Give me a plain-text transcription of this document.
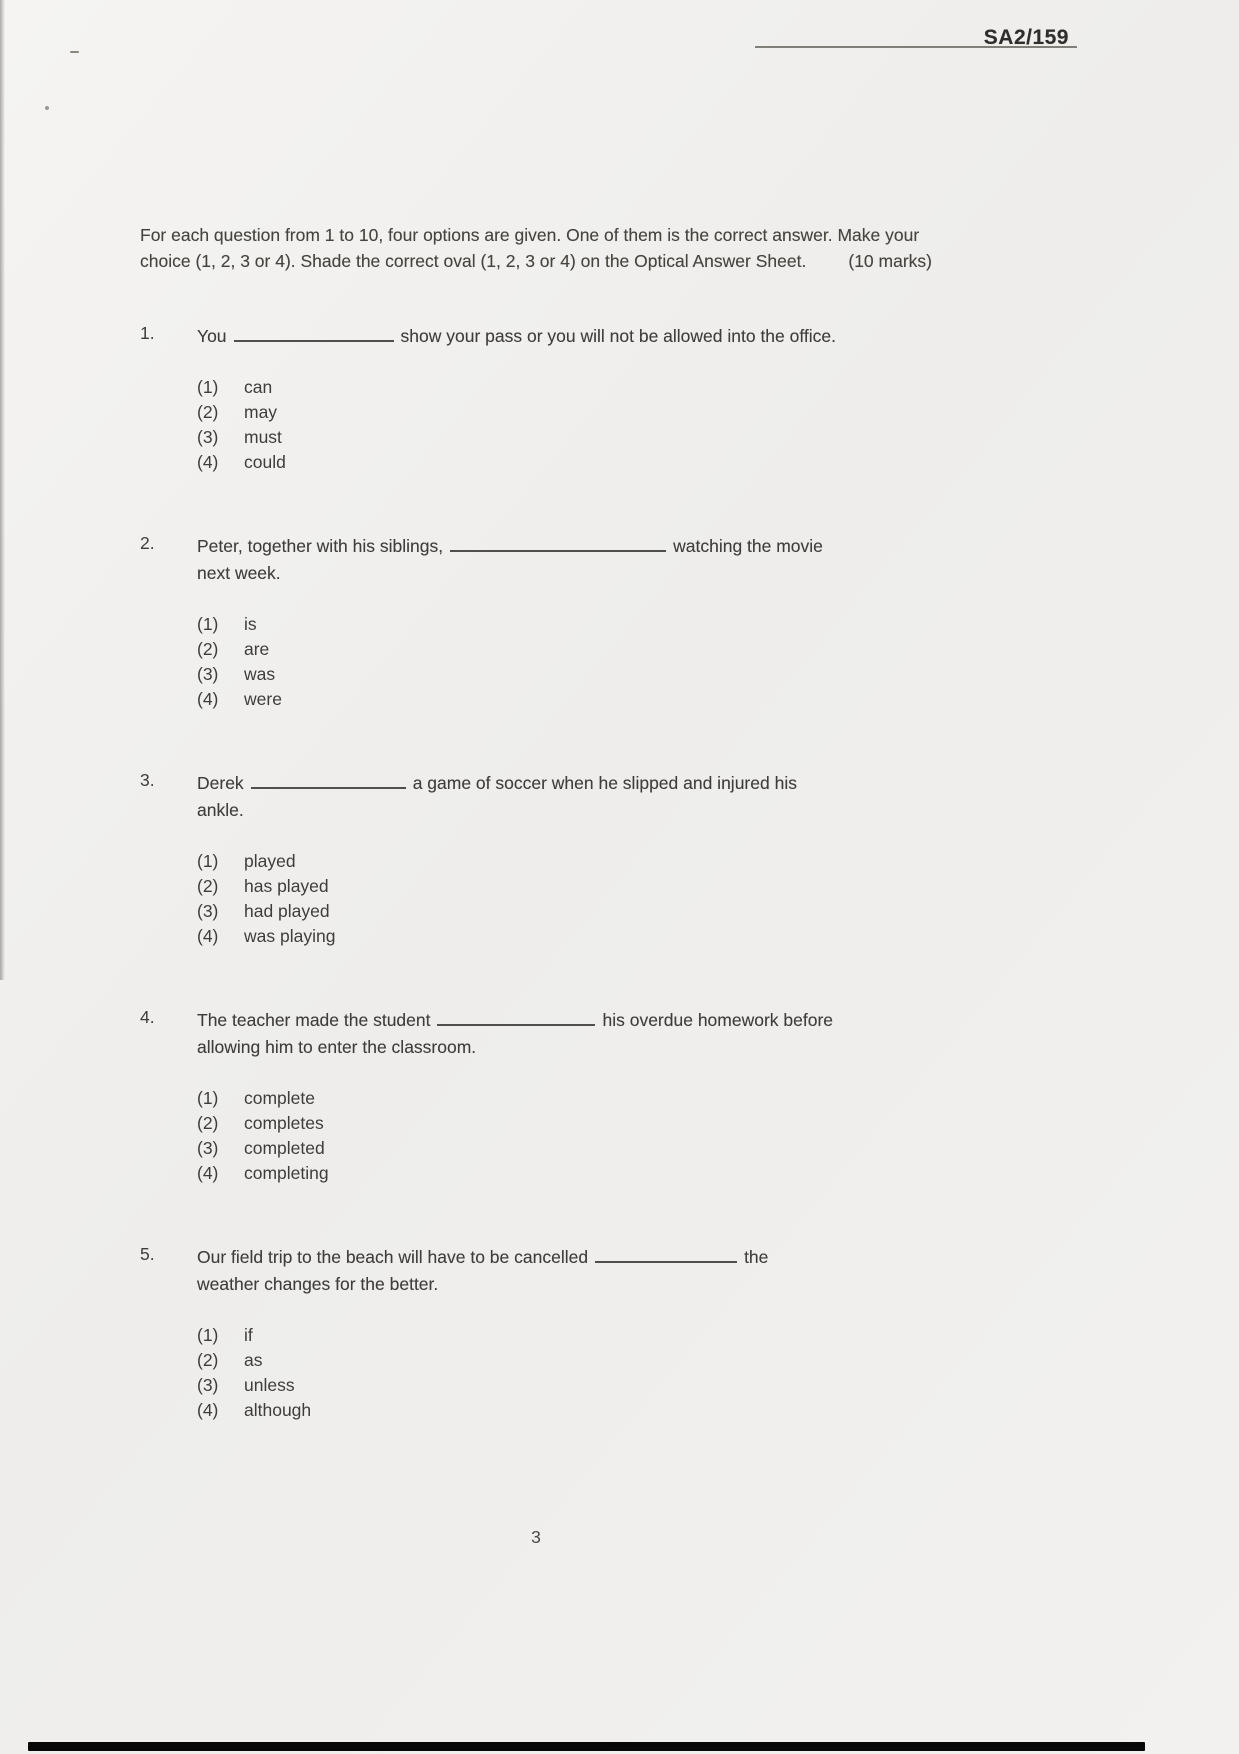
SA2/159
For each question from 1 to 10, four options are given. One of them is the correct answer. Make your choice (1, 2, 3 or 4). Shade the correct oval (1, 2, 3 or 4) on the Optical Answer Sheet. (10 marks)
1.	You	show your pass or you will not be allowed into the office.
(1)	can
(2)	may
(3)	must
(4)	could
2.	Peter, together with his siblings,	watching the movie
next week.
(1)	is
(2)	are
(3)	was
(4)	were
3.	Derek	a game of soccer when he slipped and injured his
ankle.
(1)	played
(2)	has played
(3)	had played
(4)	was playing
4.	The teacher made the student	his overdue homework before
allowing him to enter the classroom.
(1)	complete
(2)	completes
(3)	completed
(4)	completing
5.	Our field trip to the beach will have to be cancelled	the
weather changes for the better.
(1)	if
(2)	as
(3)	unless
(4)	although
3
